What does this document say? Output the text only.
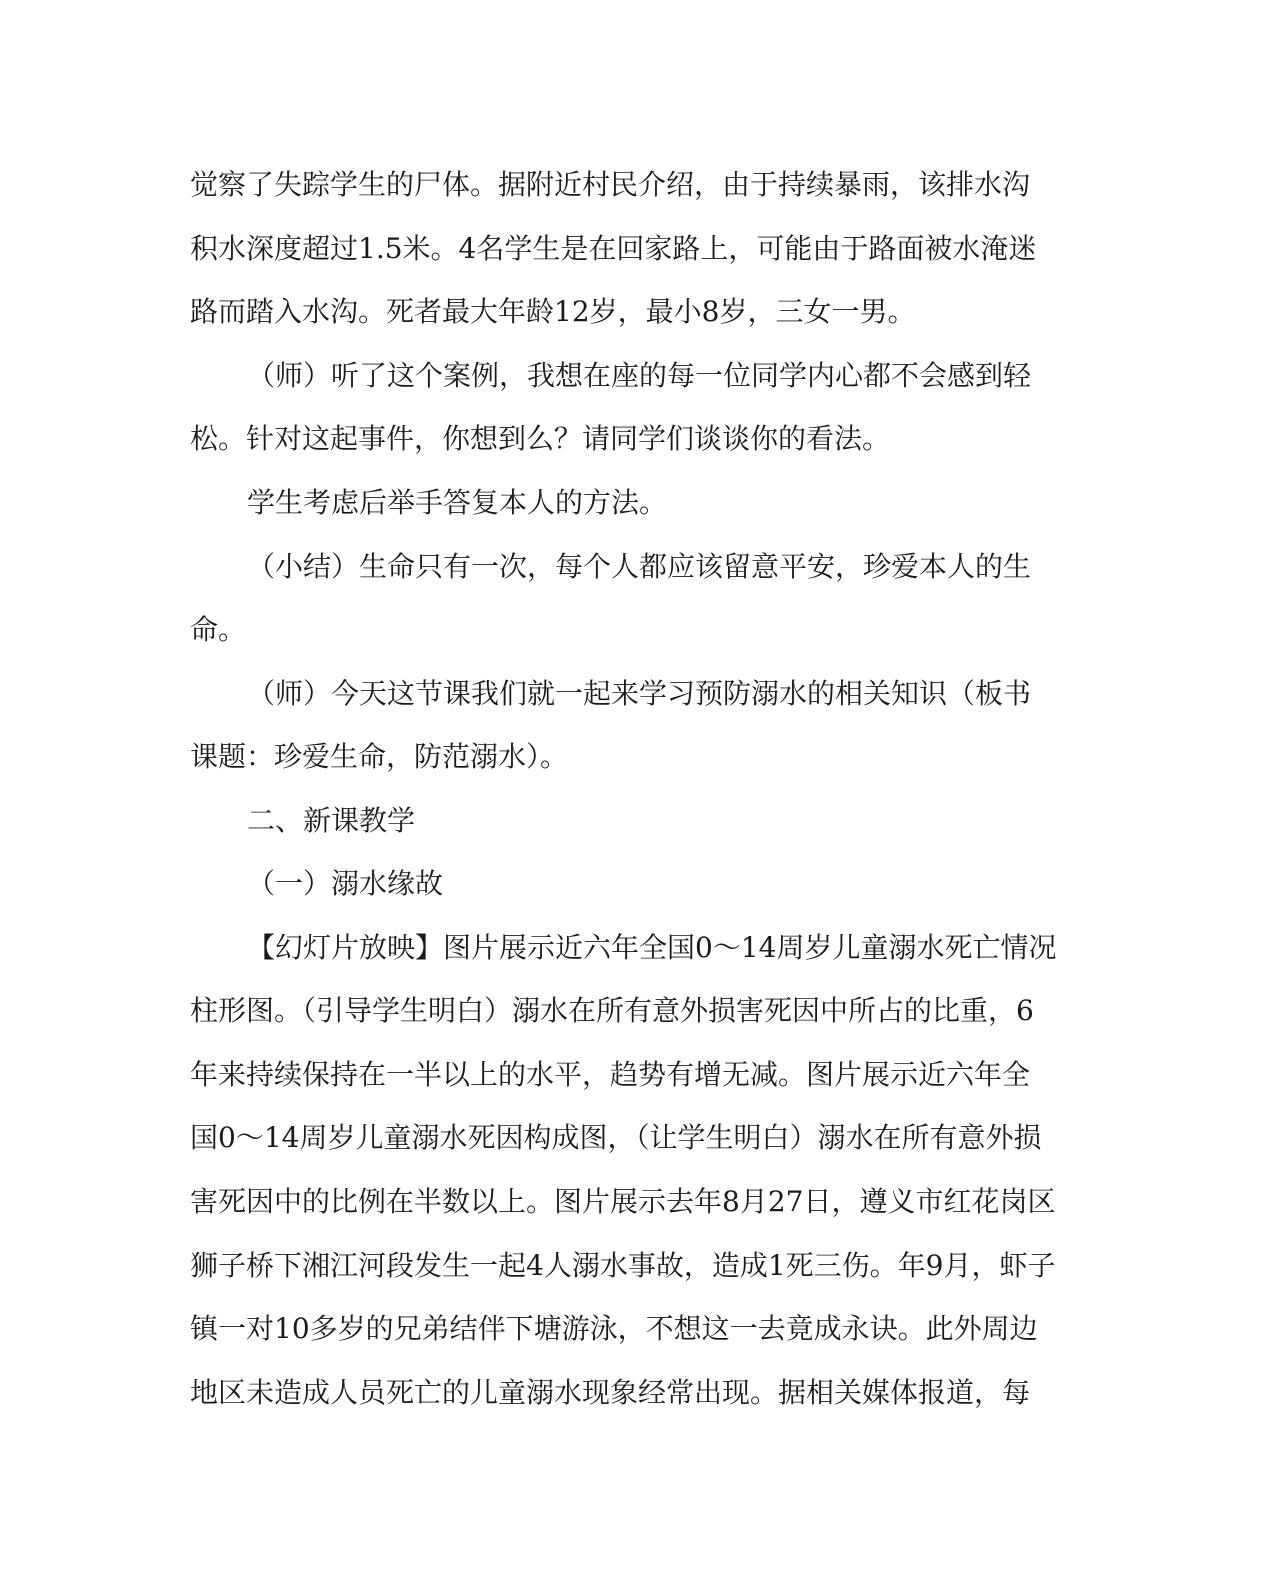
觉察了失踪学生的尸体。据附近村民介绍，由于持续暴雨，该排水沟
积水深度超过1.5米。4名学生是在回家路上，可能由于路面被水淹迷
路而踏入水沟。死者最大年龄12岁，最小8岁，三女一男。
（师）听了这个案例，我想在座的每一位同学内心都不会感到轻
松。针对这起事件，你想到么？请同学们谈谈你的看法。
学生考虑后举手答复本人的方法。
（小结）生命只有一次，每个人都应该留意平安，珍爱本人的生
命。
（师）今天这节课我们就一起来学习预防溺水的相关知识（板书
课题：珍爱生命，防范溺水）。
二、新课教学
（一）溺水缘故
【幻灯片放映】图片展示近六年全国0～14周岁儿童溺水死亡情况
柱形图。（引导学生明白）溺水在所有意外损害死因中所占的比重，6
年来持续保持在一半以上的水平，趋势有增无减。图片展示近六年全
国0～14周岁儿童溺水死因构成图，（让学生明白）溺水在所有意外损
害死因中的比例在半数以上。图片展示去年8月27日，遵义市红花岗区
狮子桥下湘江河段发生一起4人溺水事故，造成1死三伤。年9月，虾子
镇一对10多岁的兄弟结伴下塘游泳，不想这一去竟成永诀。此外周边
地区未造成人员死亡的儿童溺水现象经常出现。据相关媒体报道，每
